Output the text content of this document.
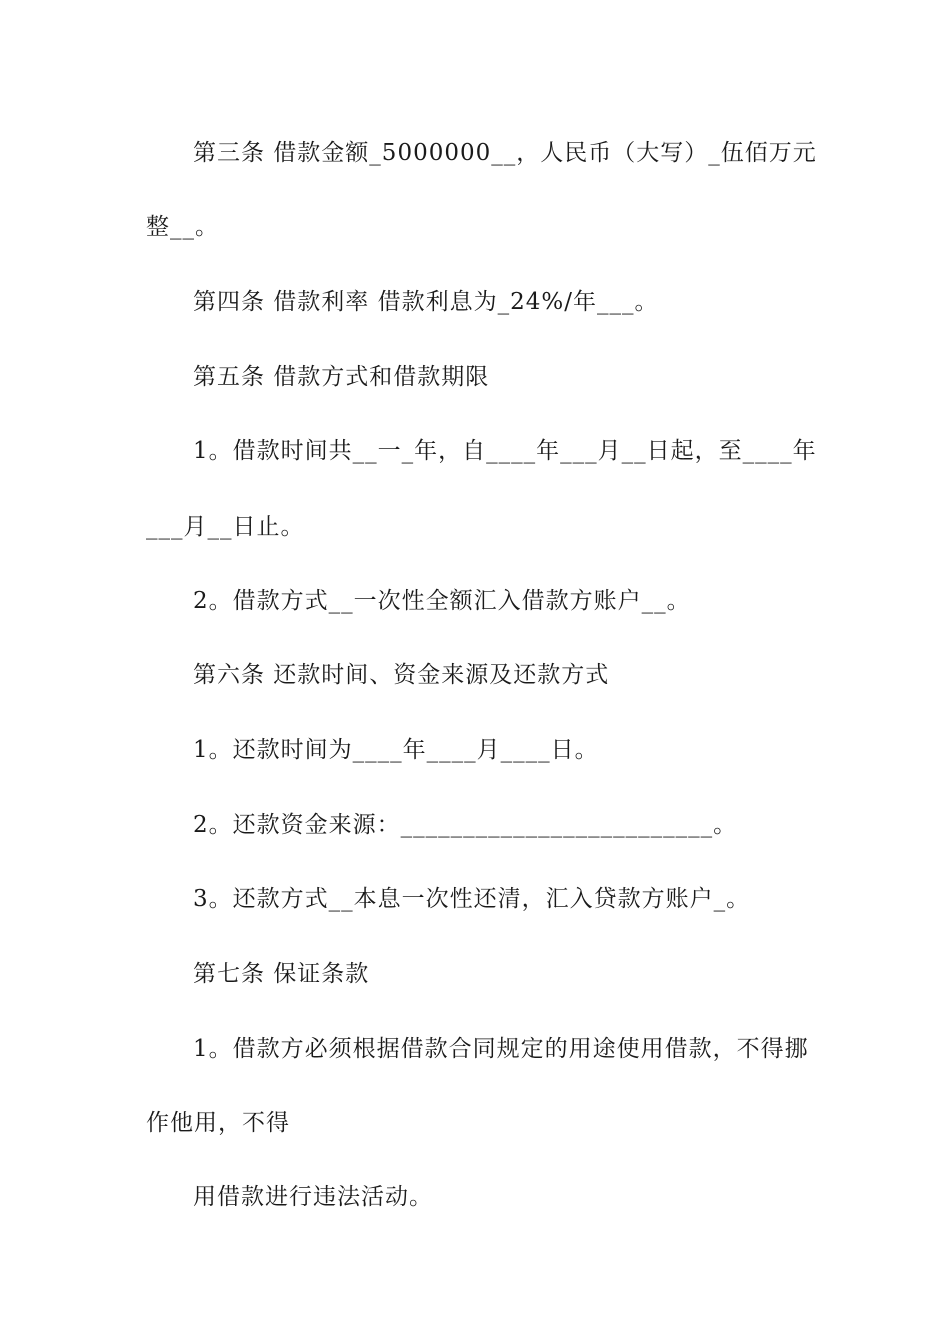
第三条 借款金额_5000000__，人民币（大写）_伍佰万元
整__。
第四条 借款利率 借款利息为_24%/年___。
第五条 借款方式和借款期限
1。借款时间共__一_年，自____年___月__日起，至____年
___月__日止。
2。借款方式__一次性全额汇入借款方账户__。
第六条 还款时间、资金来源及还款方式
1。还款时间为____年____月____日。
2。还款资金来源：_________________________。
3。还款方式__本息一次性还清，汇入贷款方账户_。
第七条 保证条款
1。借款方必须根据借款合同规定的用途使用借款，不得挪
作他用，不得
用借款进行违法活动。
